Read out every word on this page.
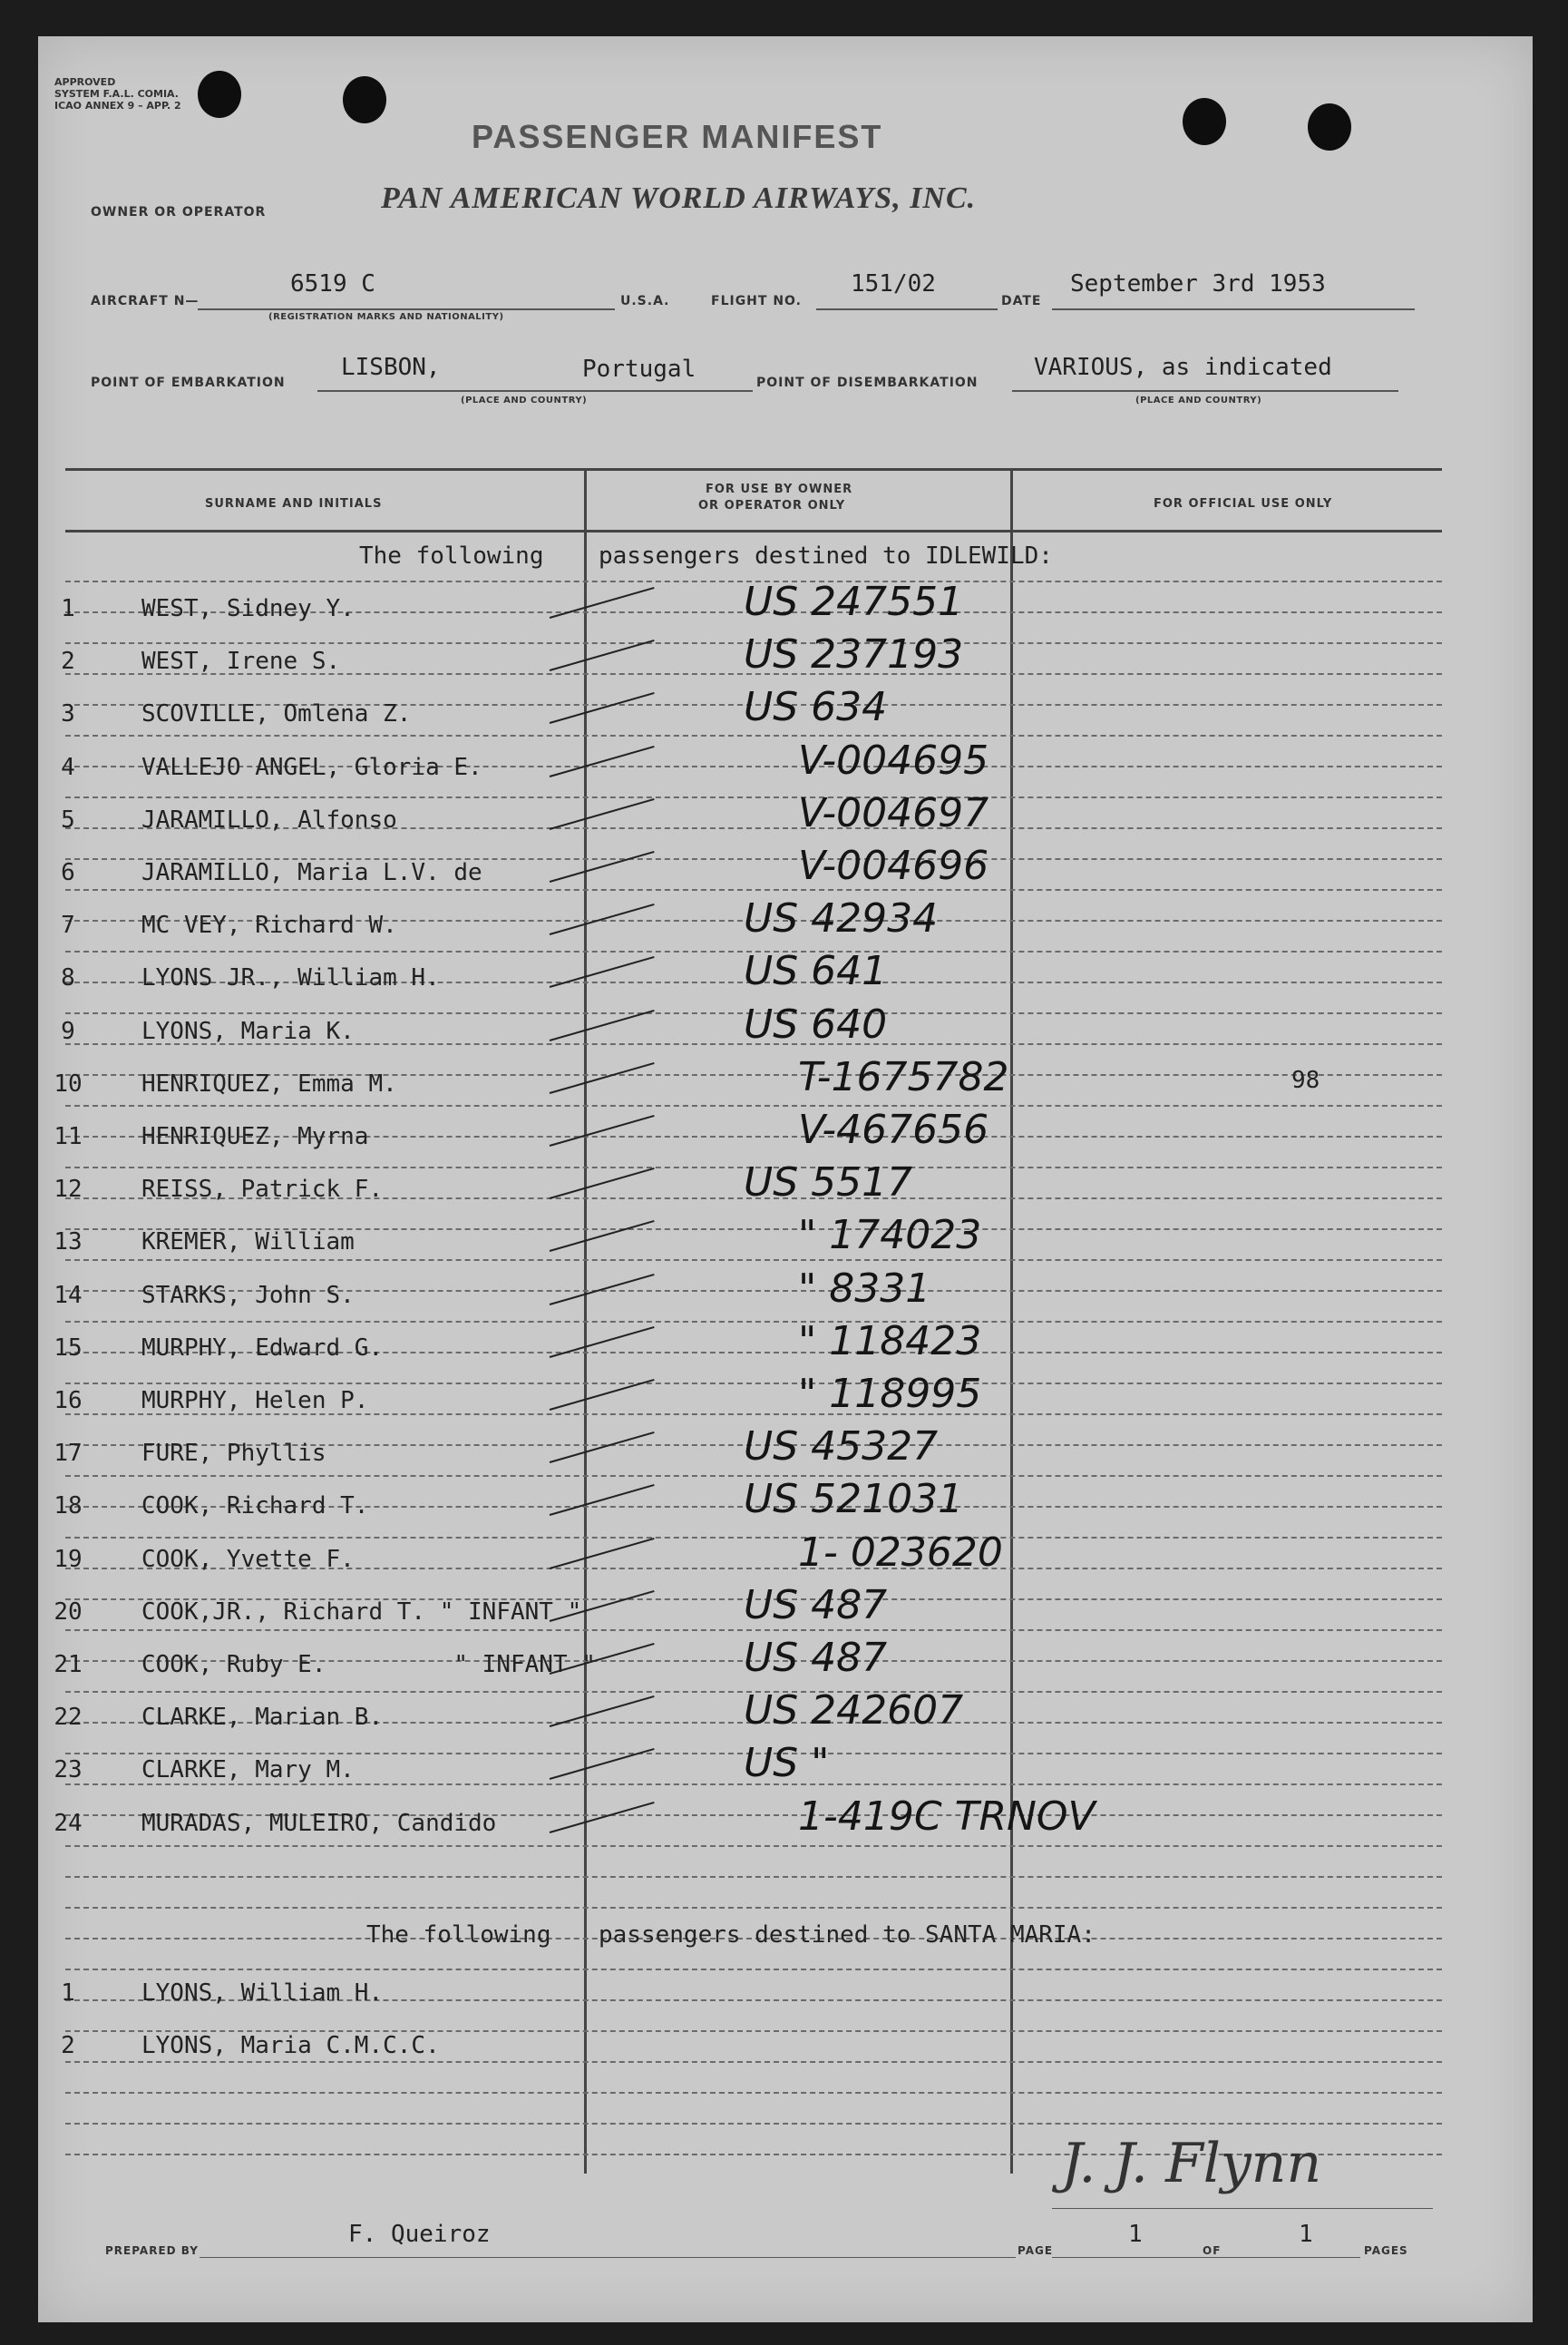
APPROVED
SYSTEM F.A.L. COMIA.
ICAO ANNEX 9 – APP. 2
PASSENGER MANIFEST
OWNER OR OPERATOR	PAN AMERICAN WORLD AIRWAYS, INC.
AIRCRAFT N—
6519 C
(REGISTRATION MARKS AND NATIONALITY)
U.S.A.	FLIGHT NO.
151/02
DATE
September 3rd 1953
POINT OF EMBARKATION
LISBON,	Portugal
(PLACE AND COUNTRY)
POINT OF DISEMBARKATION
VARIOUS, as indicated
(PLACE AND COUNTRY)
SURNAME AND INITIALS
FOR USE BY OWNER
OR OPERATOR ONLY	FOR OFFICIAL USE ONLY
The following passengers destined to IDLEWILD:
1	WEST, Sidney Y.	US 247551
2	WEST, Irene S.	US 237193
3	SCOVILLE, Omlena Z.	US 634
4	VALLEJO ANGEL, Gloria E.	V-004695
5	JARAMILLO, Alfonso	V-004697
6	JARAMILLO, Maria L.V. de	V-004696
7	MC VEY, Richard W.	US 42934
8	LYONS JR., William H.	US 641
9	LYONS, Maria K.	US 640
10	HENRIQUEZ, Emma M.	T-1675782	98
11	HENRIQUEZ, Myrna	V-467656
12	REISS, Patrick F.	US 5517
13	KREMER, William	" 174023
14	STARKS, John S.	" 8331
15	MURPHY, Edward G.	" 118423
16	MURPHY, Helen P.	" 118995
17	FURE, Phyllis	US 45327
18	COOK, Richard T.	US 521031
19	COOK, Yvette F.	1- 023620
20	COOK,JR., Richard T. " INFANT "	US 487
21	COOK, Ruby E.         " INFANT "	US 487
22	CLARKE, Marian B.	US 242607
23	CLARKE, Mary M.	US "
24	MURADAS, MULEIRO, Candido	1-419C TRNOV
The following passengers destined to SANTA MARIA:
1	LYONS, William H.
2	LYONS, Maria C.M.C.C.
J. J. Flynn
PREPARED BY
F. Queiroz
PAGE
1
OF
1
PAGES
